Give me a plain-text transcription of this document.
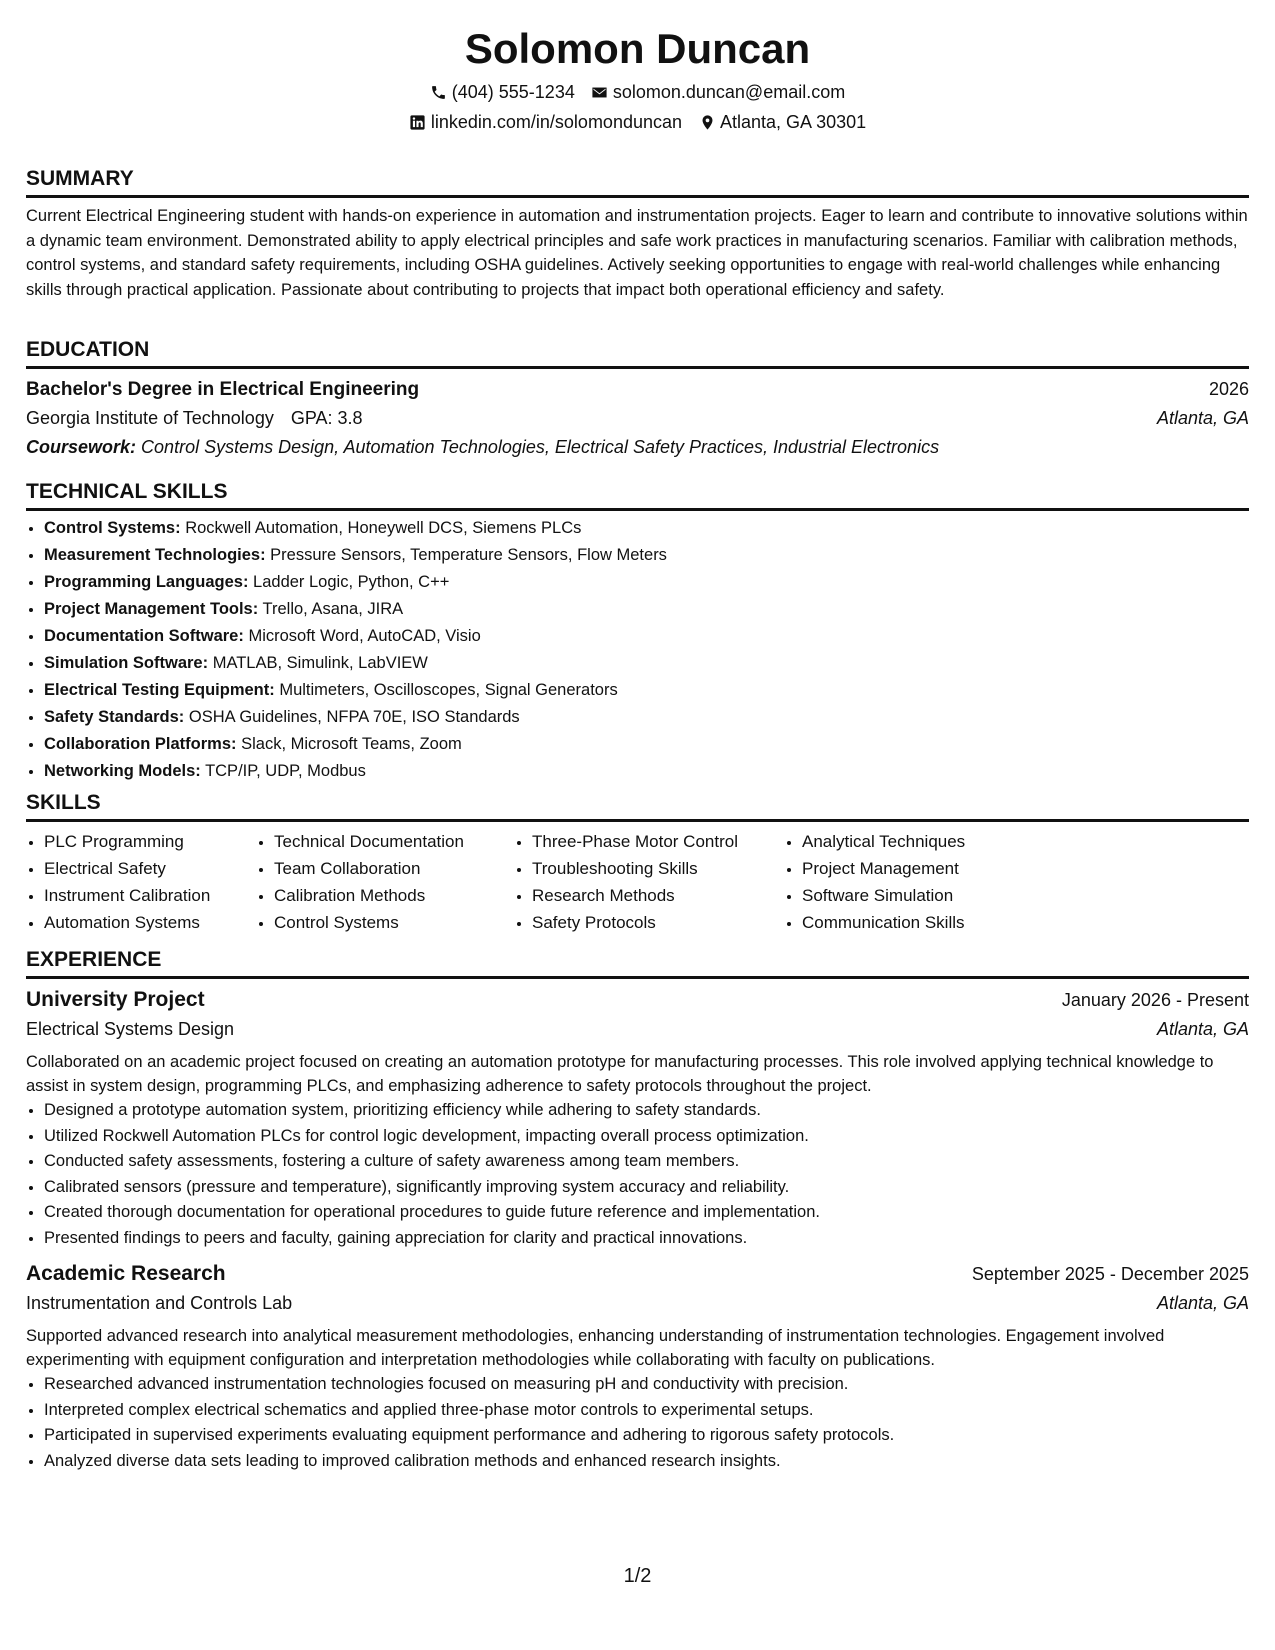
Solomon Duncan
(404) 555-1234 solomon.duncan@email.com
linkedin.com/in/solomonduncan Atlanta, GA 30301
SUMMARY
Current Electrical Engineering student with hands-on experience in automation and instrumentation projects. Eager to learn and contribute to innovative solutions within a dynamic team environment. Demonstrated ability to apply electrical principles and safe work practices in manufacturing scenarios. Familiar with calibration methods, control systems, and standard safety requirements, including OSHA guidelines. Actively seeking opportunities to engage with real-world challenges while enhancing skills through practical application. Passionate about contributing to projects that impact both operational efficiency and safety.
EDUCATION
Bachelor's Degree in Electrical Engineering	2026
Georgia Institute of Technology GPA: 3.8	Atlanta, GA
Coursework: Control Systems Design, Automation Technologies, Electrical Safety Practices, Industrial Electronics
TECHNICAL SKILLS
• Control Systems: Rockwell Automation, Honeywell DCS, Siemens PLCs
• Measurement Technologies: Pressure Sensors, Temperature Sensors, Flow Meters
• Programming Languages: Ladder Logic, Python, C++
• Project Management Tools: Trello, Asana, JIRA
• Documentation Software: Microsoft Word, AutoCAD, Visio
• Simulation Software: MATLAB, Simulink, LabVIEW
• Electrical Testing Equipment: Multimeters, Oscilloscopes, Signal Generators
• Safety Standards: OSHA Guidelines, NFPA 70E, ISO Standards
• Collaboration Platforms: Slack, Microsoft Teams, Zoom
• Networking Models: TCP/IP, UDP, Modbus
SKILLS
• PLC Programming
• Electrical Safety
• Instrument Calibration
• Automation Systems
• Technical Documentation
• Team Collaboration
• Calibration Methods
• Control Systems
• Three-Phase Motor Control
• Troubleshooting Skills
• Research Methods
• Safety Protocols
• Analytical Techniques
• Project Management
• Software Simulation
• Communication Skills
EXPERIENCE
University Project	January 2026 - Present
Electrical Systems Design	Atlanta, GA
Collaborated on an academic project focused on creating an automation prototype for manufacturing processes. This role involved applying technical knowledge to assist in system design, programming PLCs, and emphasizing adherence to safety protocols throughout the project.
• Designed a prototype automation system, prioritizing efficiency while adhering to safety standards.
• Utilized Rockwell Automation PLCs for control logic development, impacting overall process optimization.
• Conducted safety assessments, fostering a culture of safety awareness among team members.
• Calibrated sensors (pressure and temperature), significantly improving system accuracy and reliability.
• Created thorough documentation for operational procedures to guide future reference and implementation.
• Presented findings to peers and faculty, gaining appreciation for clarity and practical innovations.
Academic Research	September 2025 - December 2025
Instrumentation and Controls Lab	Atlanta, GA
Supported advanced research into analytical measurement methodologies, enhancing understanding of instrumentation technologies. Engagement involved experimenting with equipment configuration and interpretation methodologies while collaborating with faculty on publications.
• Researched advanced instrumentation technologies focused on measuring pH and conductivity with precision.
• Interpreted complex electrical schematics and applied three-phase motor controls to experimental setups.
• Participated in supervised experiments evaluating equipment performance and adhering to rigorous safety protocols.
• Analyzed diverse data sets leading to improved calibration methods and enhanced research insights.
1/2
